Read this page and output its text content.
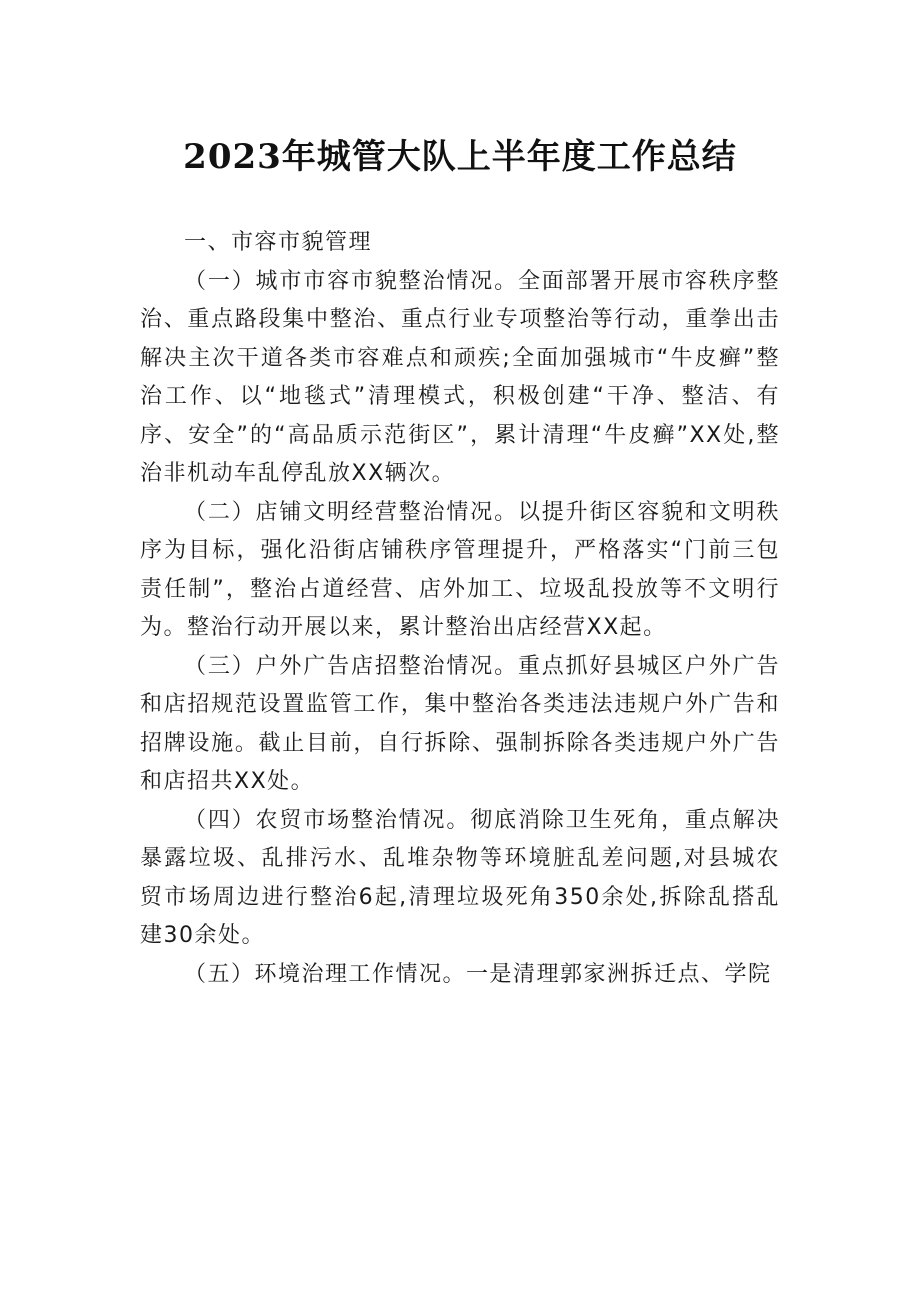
2023年城管大队上半年度工作总结

一、市容市貌管理

（一）城市市容市貌整治情况。全面部署开展市容秩序整治、重点路段集中整治、重点行业专项整治等行动，重拳出击解决主次干道各类市容难点和顽疾;全面加强城市“牛皮癣”整治工作、以“地毯式”清理模式，积极创建“干净、整洁、有序、安全”的“高品质示范街区”，累计清理“牛皮癣”XX处,整治非机动车乱停乱放XX辆次。

（二）店铺文明经营整治情况。以提升街区容貌和文明秩序为目标，强化沿街店铺秩序管理提升，严格落实“门前三包责任制”，整治占道经营、店外加工、垃圾乱投放等不文明行为。整治行动开展以来，累计整治出店经营XX起。

（三）户外广告店招整治情况。重点抓好县城区户外广告和店招规范设置监管工作，集中整治各类违法违规户外广告和招牌设施。截止目前，自行拆除、强制拆除各类违规户外广告和店招共XX处。

（四）农贸市场整治情况。彻底消除卫生死角，重点解决暴露垃圾、乱排污水、乱堆杂物等环境脏乱差问题,对县城农贸市场周边进行整治6起,清理垃圾死角350余处,拆除乱搭乱建30余处。

（五）环境治理工作情况。一是清理郭家洲拆迁点、学院
